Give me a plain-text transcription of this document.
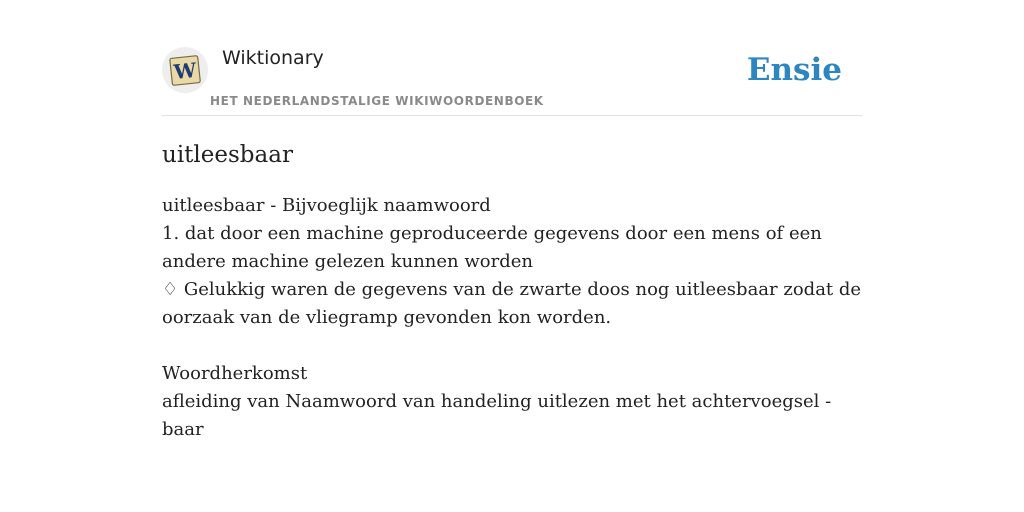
W Wiktionary
HET NEDERLANDSTALIGE WIKIWOORDENBOEK
Ensie
uitleesbaar

uitleesbaar - Bijvoeglijk naamwoord

1. dat door een machine geproduceerde gegevens door een mens of een andere machine gelezen kunnen worden

♢ Gelukkig waren de gegevens van de zwarte doos nog uitleesbaar zodat de oorzaak van de vliegramp gevonden kon worden.

Woordherkomst

afleiding van Naamwoord van handeling uitlezen met het achtervoegsel -baar
